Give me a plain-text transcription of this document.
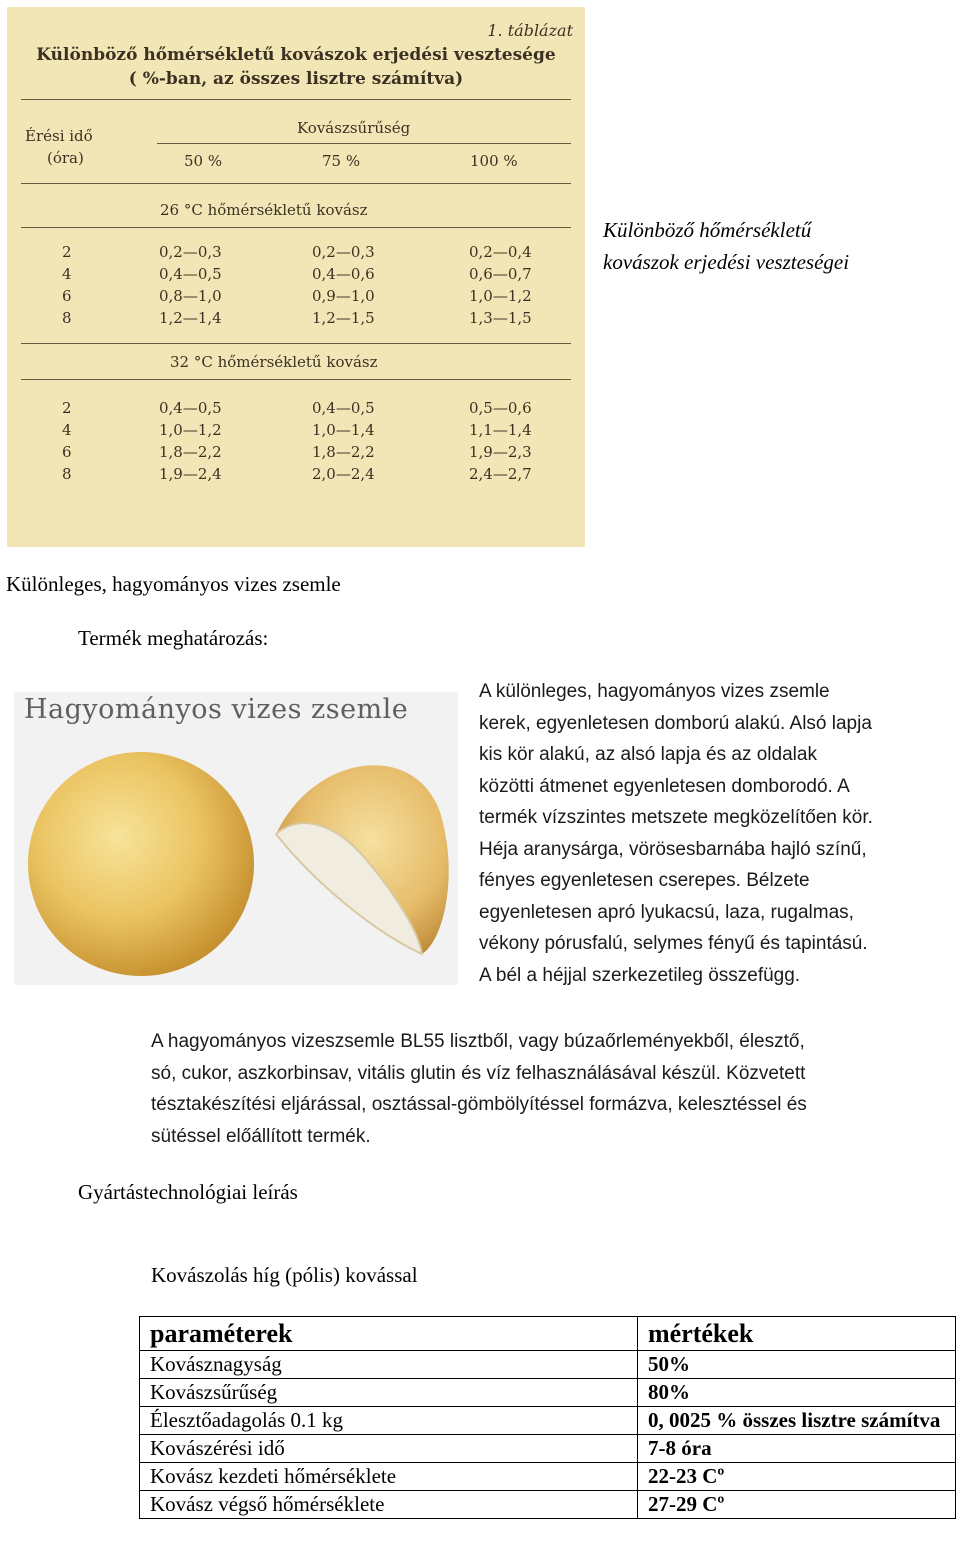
1. táblázat
Különböző hőmérsékletű kovászok erjedési vesztesége
( %-ban, az összes lisztre számítva)
Érési idő
(óra)
Kovászsűrűség
50 %	75 %	100 %
26 °C hőmérsékletű kovász
2	0,2—0,3	0,2—0,3	0,2—0,4
4	0,4—0,5	0,4—0,6	0,6—0,7
6	0,8—1,0	0,9—1,0	1,0—1,2
8	1,2—1,4	1,2—1,5	1,3—1,5
32 °C hőmérsékletű kovász
2	0,4—0,5	0,4—0,5	0,5—0,6
4	1,0—1,2	1,0—1,4	1,1—1,4
6	1,8—2,2	1,8—2,2	1,9—2,3
8	1,9—2,4	2,0—2,4	2,4—2,7
Különböző hőmérsékletű
kovászok erjedési veszteségei
Különleges, hagyományos vizes zsemle
Termék meghatározás:
Hagyományos vizes zsemle
A különleges, hagyományos vizes zsemle
kerek, egyenletesen domború alakú. Alsó lapja
kis kör alakú, az alsó lapja és az oldalak
közötti átmenet egyenletesen domborodó. A
termék vízszintes metszete megközelítően kör.
Héja aranysárga, vörösesbarnába hajló színű,
fényes egyenletesen cserepes. Bélzete
egyenletesen apró lyukacsú, laza, rugalmas,
vékony pórusfalú, selymes fényű és tapintású.
A bél a héjjal szerkezetileg összefügg.
A hagyományos vizeszsemle BL55 lisztből, vagy búzaőrleményekből, élesztő,
só, cukor, aszkorbinsav, vitális glutin és víz felhasználásával készül. Közvetett
tésztakészítési eljárással, osztással-gömbölyítéssel formázva, kelesztéssel és
sütéssel előállított termék.
Gyártástechnológiai leírás
Kovászolás híg (pólis) kovással
paraméterek	mértékek
Kovásznagyság	50%
Kovászsűrűség	80%
Élesztőadagolás 0.1 kg	0, 0025 % összes lisztre számítva
Kovászérési idő	7-8 óra
Kovász kezdeti hőmérséklete	22-23 Cº
Kovász végső hőmérséklete	27-29 Cº
